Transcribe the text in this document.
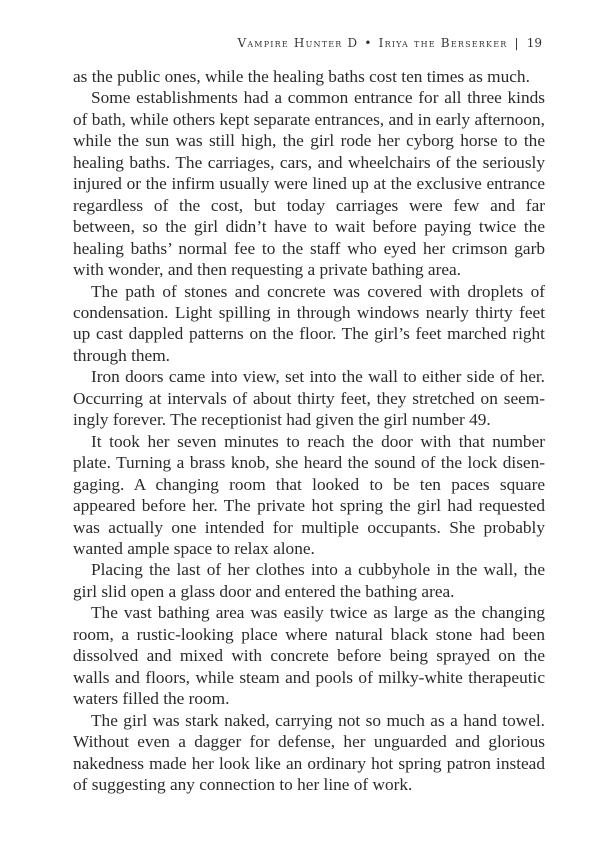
Vampire Hunter D • Iriya the Berserker | 19

as the public ones, while the healing baths cost ten times as much.

Some establishments had a common entrance for all three kinds of bath, while others kept separate entrances, and in early afternoon, while the sun was still high, the girl rode her cyborg horse to the healing baths. The carriages, cars, and wheelchairs of the seriously injured or the infirm usually were lined up at the exclusive entrance regardless of the cost, but today carriages were few and far between, so the girl didn’t have to wait before paying twice the healing baths’ normal fee to the staff who eyed her crimson garb with wonder, and then requesting a private bathing area.

The path of stones and concrete was covered with droplets of condensation. Light spilling in through windows nearly thirty feet up cast dappled patterns on the floor. The girl’s feet marched right through them.

Iron doors came into view, set into the wall to either side of her. Occurring at intervals of about thirty feet, they stretched on seemingly forever. The receptionist had given the girl number 49.

It took her seven minutes to reach the door with that number plate. Turning a brass knob, she heard the sound of the lock disengaging. A changing room that looked to be ten paces square appeared before her. The private hot spring the girl had requested was actually one intended for multiple occupants. She probably wanted ample space to relax alone.

Placing the last of her clothes into a cubbyhole in the wall, the girl slid open a glass door and entered the bathing area.

The vast bathing area was easily twice as large as the changing room, a rustic-looking place where natural black stone had been dissolved and mixed with concrete before being sprayed on the walls and floors, while steam and pools of milky-white therapeutic waters filled the room.

The girl was stark naked, carrying not so much as a hand towel. Without even a dagger for defense, her unguarded and glorious nakedness made her look like an ordinary hot spring patron instead of suggesting any connection to her line of work.
